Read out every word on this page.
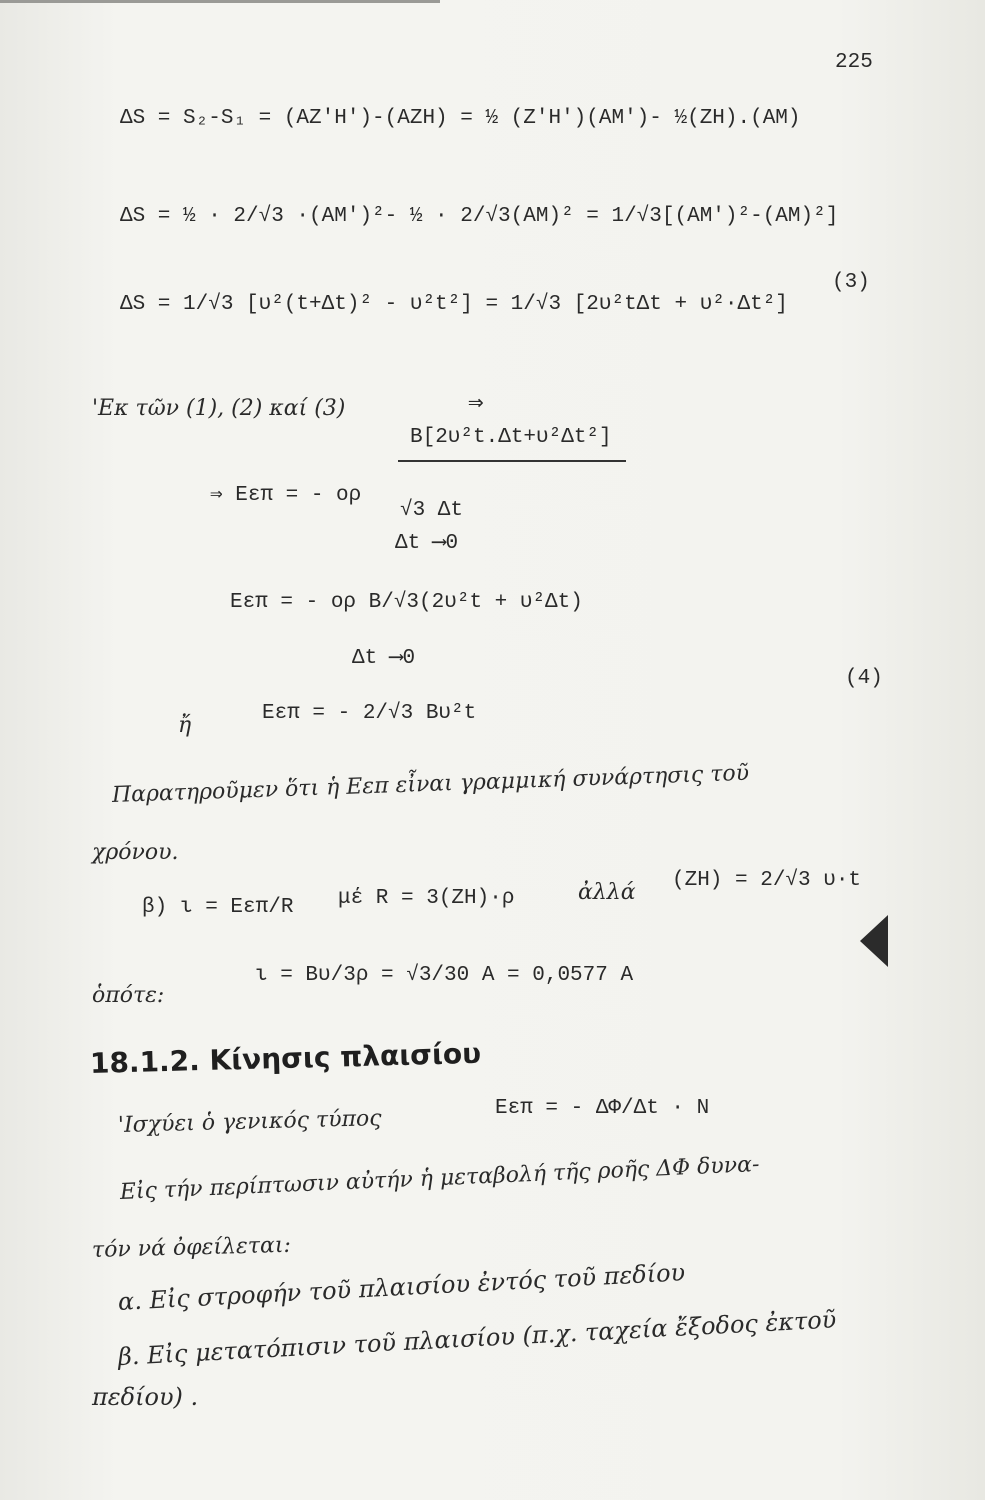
225
ΔS = S₂-S₁ = (AZ'H')-(AZH) = ½ (Z'H')(AM')- ½(ZH).(AM)
ΔS = ½ · 2/√3 ·(AM')²- ½ · 2/√3(AM)² = 1/√3[(AM')²-(AM)²]
ΔS = 1/√3 [υ²(t+Δt)² - υ²t²] = 1/√3 [2υ²tΔt + υ²·Δt²]
(3)
'Εκ τῶν (1), (2) καί (3)	⇒
B[2υ²t.Δt+υ²Δt²]
⇒ Eεπ = - ορ
√3 Δt
Δt ⟶0
Eεπ = - ορ B/√3(2υ²t + υ²Δt)
Δt ⟶0
(4)
ἤ	Eεπ = - 2/√3 Bυ²t
Παρατηροῦμεν ὅτι ἡ Eεπ εἶναι γραμμική συνάρτησις τοῦ
χρόνου.
β) ι = Eεπ/R μέ R = 3(ZH)·ρ	ἀλλά (ZH) = 2/√3 υ·t
ὁπότε:
ι = Bυ/3ρ = √3/30 A = 0,0577 A
18.1.2. Κίνησις πλαισίου
'Ισχύει ὁ γενικός τύπος	Eεπ = - ΔΦ/Δt · N
Εἰς τήν περίπτωσιν αὐτήν ἡ μεταβολή τῆς ροῆς ΔΦ δυνα-
τόν νά ὀφείλεται:
α. Εἰς στροφήν τοῦ πλαισίου ἐντός τοῦ πεδίου
β. Εἰς μετατόπισιν τοῦ πλαισίου (π.χ. ταχεία ἔξοδος ἐκτοῦ
πεδίου) .
